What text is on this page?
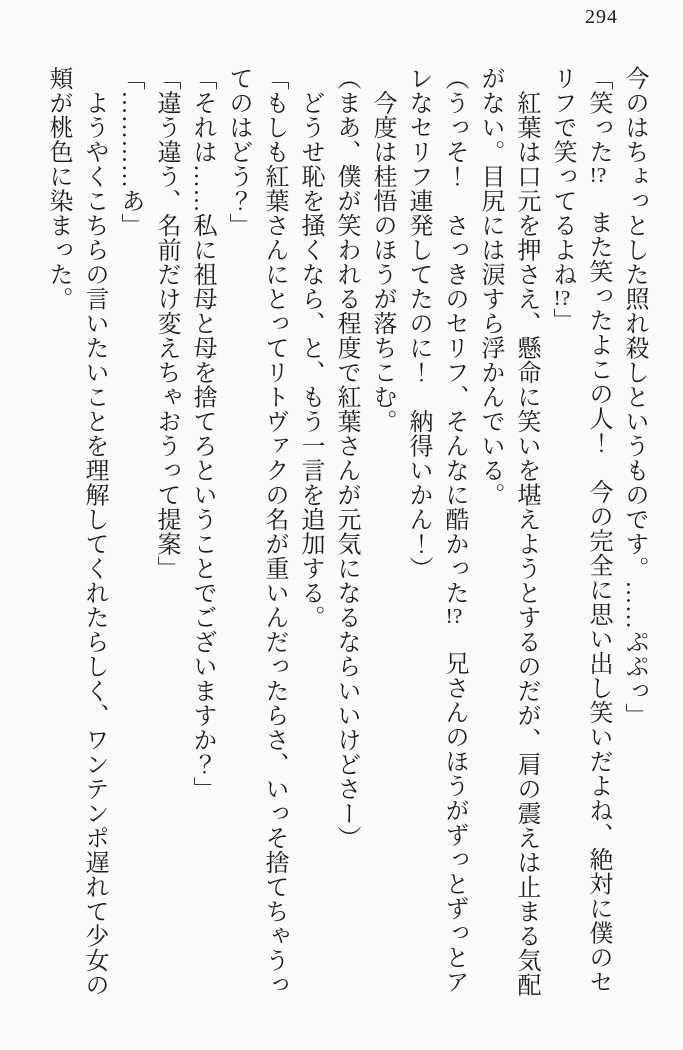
294

今のはちょっとした照れ殺しというものです。……ぷぷっ」

「笑った!?　また笑ったよこの人！　今の完全に思い出し笑いだよね、絶対に僕のセ

リフで笑ってるよね!?」

　紅葉は口元を押さえ、懸命に笑いを堪えようとするのだが、肩の震えは止まる気配

がない。目尻には涙すら浮かんでいる。

（うっそ！　さっきのセリフ、そんなに酷かった!?　兄さんのほうがずっとずっとア

レなセリフ連発してたのに！　納得いかん！）

　今度は桂悟のほうが落ちこむ。

（まあ、僕が笑われる程度で紅葉さんが元気になるならいいけどさー）

　どうせ恥を掻くなら、と、もう一言を追加する。

「もしも紅葉さんにとってリトヴァクの名が重いんだったらさ、いっそ捨てちゃうっ

てのはどう？」

「それは……私に祖母と母を捨てろということでございますか？」

「違う違う、名前だけ変えちゃおうって提案」

「…………あ」

　ようやくこちらの言いたいことを理解してくれたらしく、ワンテンポ遅れて少女の

頬が桃色に染まった。
